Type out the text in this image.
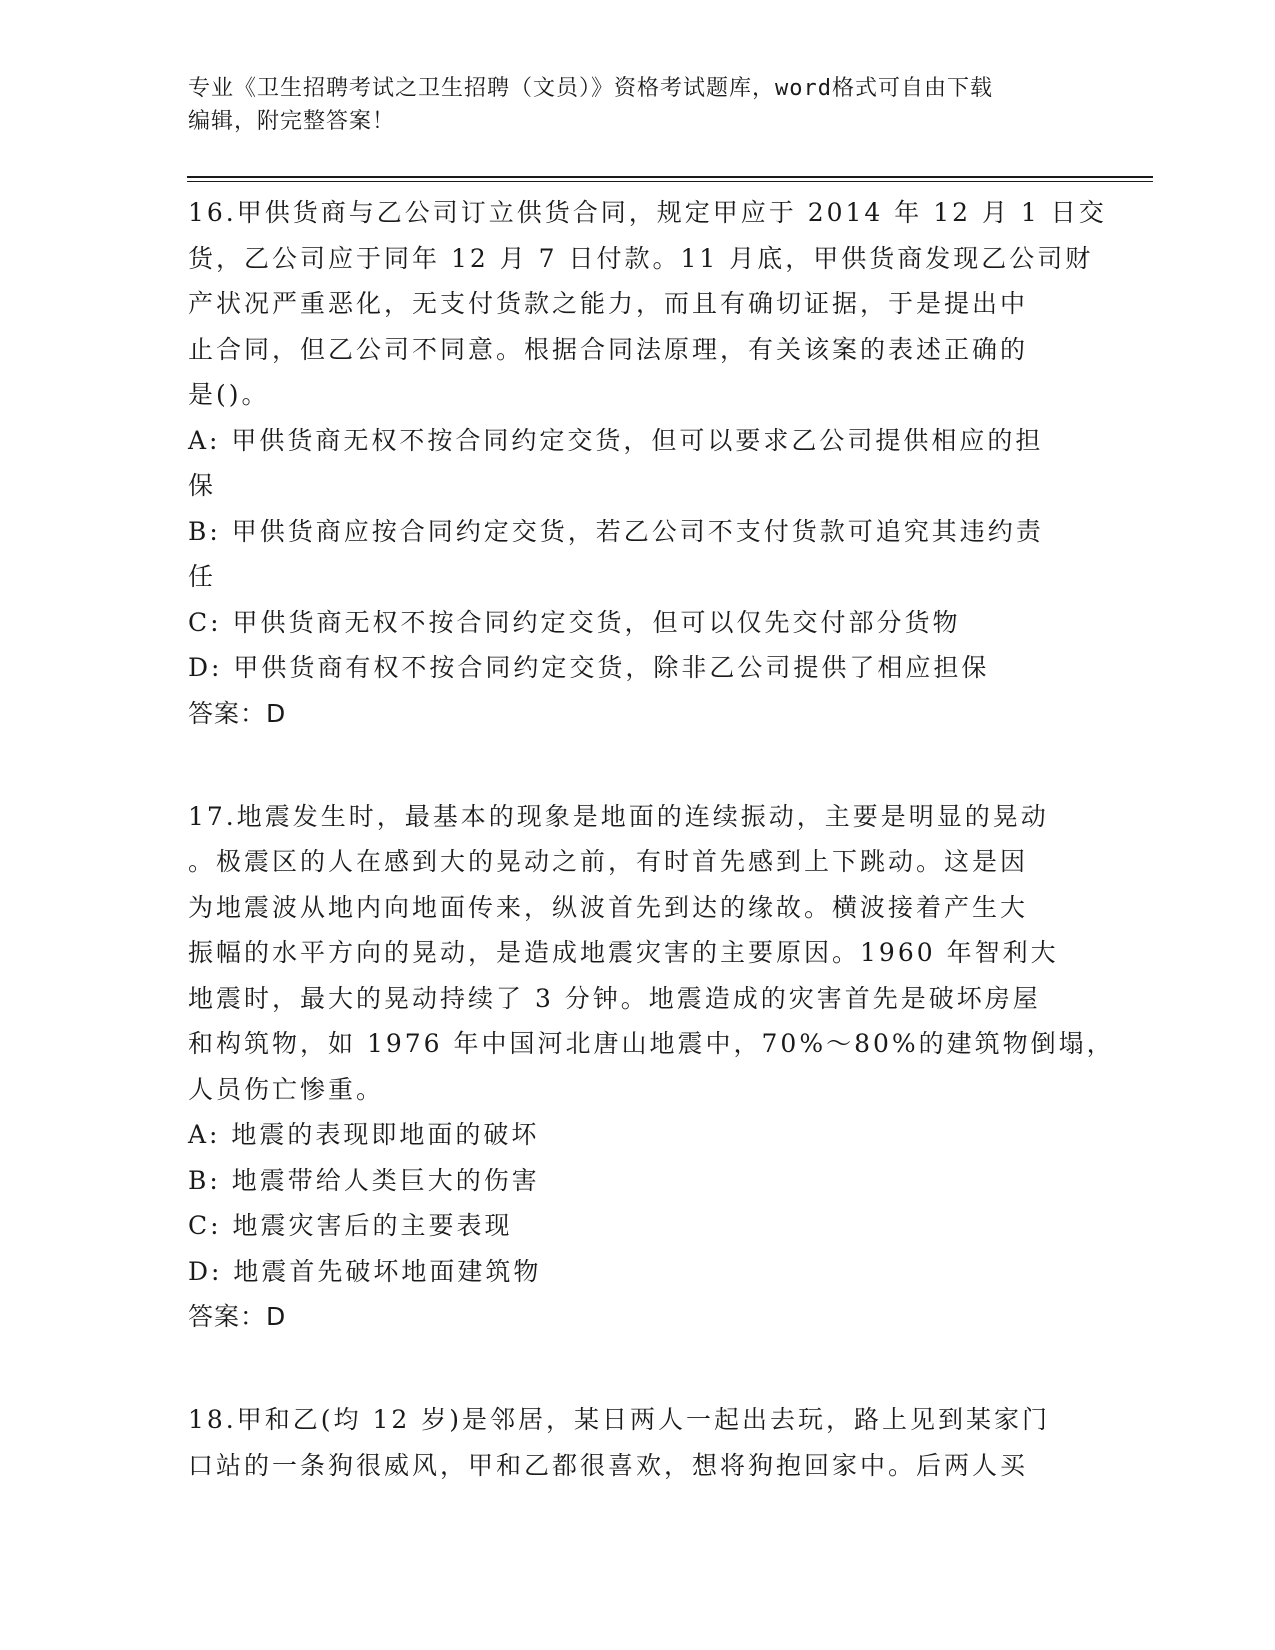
专业《卫生招聘考试之卫生招聘（文员）》资格考试题库，word格式可自由下载
编辑，附完整答案！
16.甲供货商与乙公司订立供货合同，规定甲应于 2014 年 12 月 1 日交
货，乙公司应于同年 12 月 7 日付款。11 月底，甲供货商发现乙公司财
产状况严重恶化，无支付货款之能力，而且有确切证据，于是提出中
止合同，但乙公司不同意。根据合同法原理，有关该案的表述正确的
是()。
A: 甲供货商无权不按合同约定交货，但可以要求乙公司提供相应的担
保
B: 甲供货商应按合同约定交货，若乙公司不支付货款可追究其违约责
任
C: 甲供货商无权不按合同约定交货，但可以仅先交付部分货物
D: 甲供货商有权不按合同约定交货，除非乙公司提供了相应担保
答案：D
17.地震发生时，最基本的现象是地面的连续振动，主要是明显的晃动
。极震区的人在感到大的晃动之前，有时首先感到上下跳动。这是因
为地震波从地内向地面传来，纵波首先到达的缘故。横波接着产生大
振幅的水平方向的晃动，是造成地震灾害的主要原因。1960 年智利大
地震时，最大的晃动持续了 3 分钟。地震造成的灾害首先是破坏房屋
和构筑物，如 1976 年中国河北唐山地震中，70%～80%的建筑物倒塌，
人员伤亡惨重。
A: 地震的表现即地面的破坏
B: 地震带给人类巨大的伤害
C: 地震灾害后的主要表现
D: 地震首先破坏地面建筑物
答案：D
18.甲和乙(均 12 岁)是邻居，某日两人一起出去玩，路上见到某家门
口站的一条狗很威风，甲和乙都很喜欢，想将狗抱回家中。后两人买
